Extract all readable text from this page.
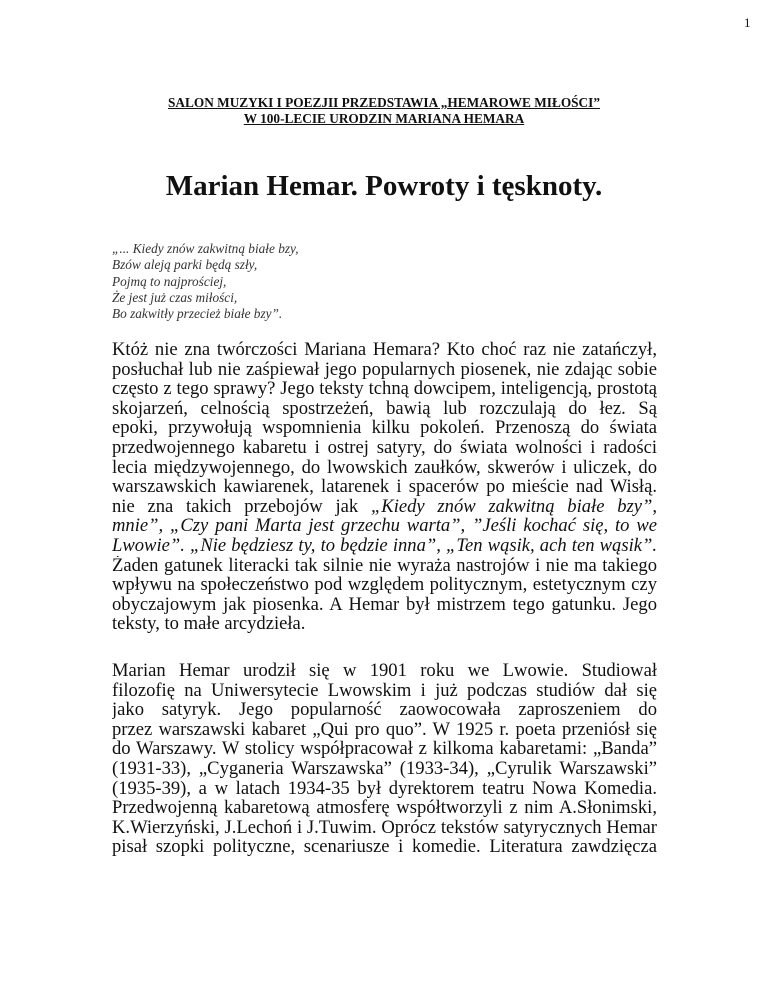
1
SALON MUZYKI I POEZJII PRZEDSTAWIA „HEMAROWE MIŁOŚCI”
W 100-LECIE URODZIN MARIANA HEMARA
Marian Hemar. Powroty i tęsknoty.
„... Kiedy znów zakwitną białe bzy,
Bzów aleją parki będą szły,
Pojmą to najprościej,
Że jest już czas miłości,
Bo zakwitły przecież białe bzy”.
Któż nie zna twórczości Mariana Hemara? Kto choć raz nie zatańczył,
posłuchał lub nie zaśpiewał jego popularnych piosenek, nie zdając sobie
często z tego sprawy? Jego teksty tchną dowcipem, inteligencją, prostotą
skojarzeń, celnością spostrzeżeń, bawią lub rozczulają do łez. Są
epoki, przywołują wspomnienia kilku pokoleń. Przenoszą do świata
przedwojennego kabaretu i ostrej satyry, do świata wolności i radości
lecia międzywojennego, do lwowskich zaułków, skwerów i uliczek, do
warszawskich kawiarenek, latarenek i spacerów po mieście nad Wisłą.
nie zna takich przebojów jak „Kiedy znów zakwitną białe bzy”,
mnie”, „Czy pani Marta jest grzechu warta”, ”Jeśli kochać się, to we
Lwowie”. „Nie będziesz ty, to będzie inna”, „Ten wąsik, ach ten wąsik”.
Żaden gatunek literacki tak silnie nie wyraża nastrojów i nie ma takiego
wpływu na społeczeństwo pod względem politycznym, estetycznym czy
obyczajowym jak piosenka. A Hemar był mistrzem tego gatunku. Jego
teksty, to małe arcydzieła.
Marian Hemar urodził się w 1901 roku we Lwowie. Studiował
filozofię na Uniwersytecie Lwowskim i już podczas studiów dał się
jako satyryk. Jego popularność zaowocowała zaproszeniem do
przez warszawski kabaret „Qui pro quo”. W 1925 r. poeta przeniósł się
do Warszawy. W stolicy współpracował z kilkoma kabaretami: „Banda”
(1931-33), „Cyganeria Warszawska” (1933-34), „Cyrulik Warszawski”
(1935-39), a w latach 1934-35 był dyrektorem teatru Nowa Komedia.
Przedwojenną kabaretową atmosferę współtworzyli z nim A.Słonimski,
K.Wierzyński, J.Lechoń i J.Tuwim. Oprócz tekstów satyrycznych Hemar
pisał szopki polityczne, scenariusze i komedie. Literatura zawdzięcza
